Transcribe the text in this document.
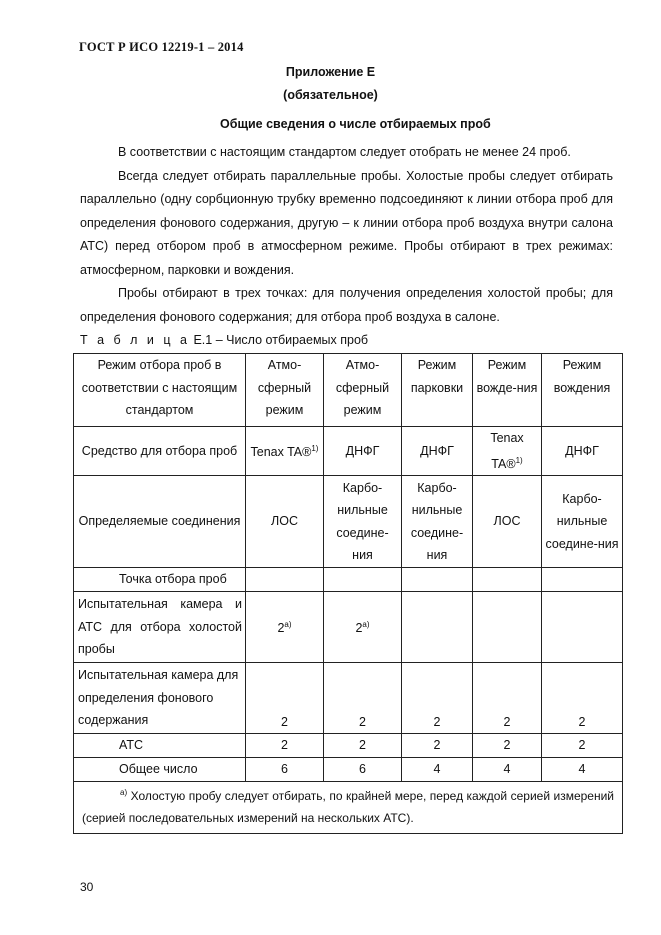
ГОСТ Р ИСО 12219-1 – 2014
Приложение Е
(обязательное)
Общие сведения о числе отбираемых проб

В соответствии с настоящим стандартом следует отобрать не менее 24 проб.

Всегда следует отбирать параллельные пробы. Холостые пробы следует отбирать параллельно (одну сорбционную трубку временно подсоединяют к линии отбора проб для определения фонового содержания, другую – к линии отбора проб воздуха внутри салона АТС) перед отбором проб в атмосферном режиме. Пробы отбирают в трех режимах: атмосферном, парковки и вождения.

Пробы отбирают в трех точках: для получения определения холостой пробы; для определения фонового содержания; для отбора проб воздуха в салоне.

Т а б л и ц а Е.1 – Число отбираемых проб
Режим отбора проб в соответствии с настоящим стандартом	Атмо-сферный режим	Атмо-сферный режим	Режим парковки	Режим вожде-ния	Режим вождения
Средство для отбора проб	Tenax TA®$^{1)}$	ДНФГ	ДНФГ	Tenax TA®$^{1)}$	ДНФГ
Определяемые соединения	ЛОС	Карбо-нильные соедине-ния	Карбо-нильные соедине-ния	ЛОС	Карбо-нильные соедине-ния
Точка отбора проб					
Испытательная камера и АТС для отбора холостой пробы	$2^{а)}$	$2^{а)}$			
Испытательная камера для определения фонового содержания	2	2	2	2	2
АТС	2	2	2	2	2
Общее число	6	6	4	4	4
$^{а)}$ Холостую пробу следует отбирать, по крайней мере, перед каждой серией измерений (серией последовательных измерений на нескольких АТС).					
30
